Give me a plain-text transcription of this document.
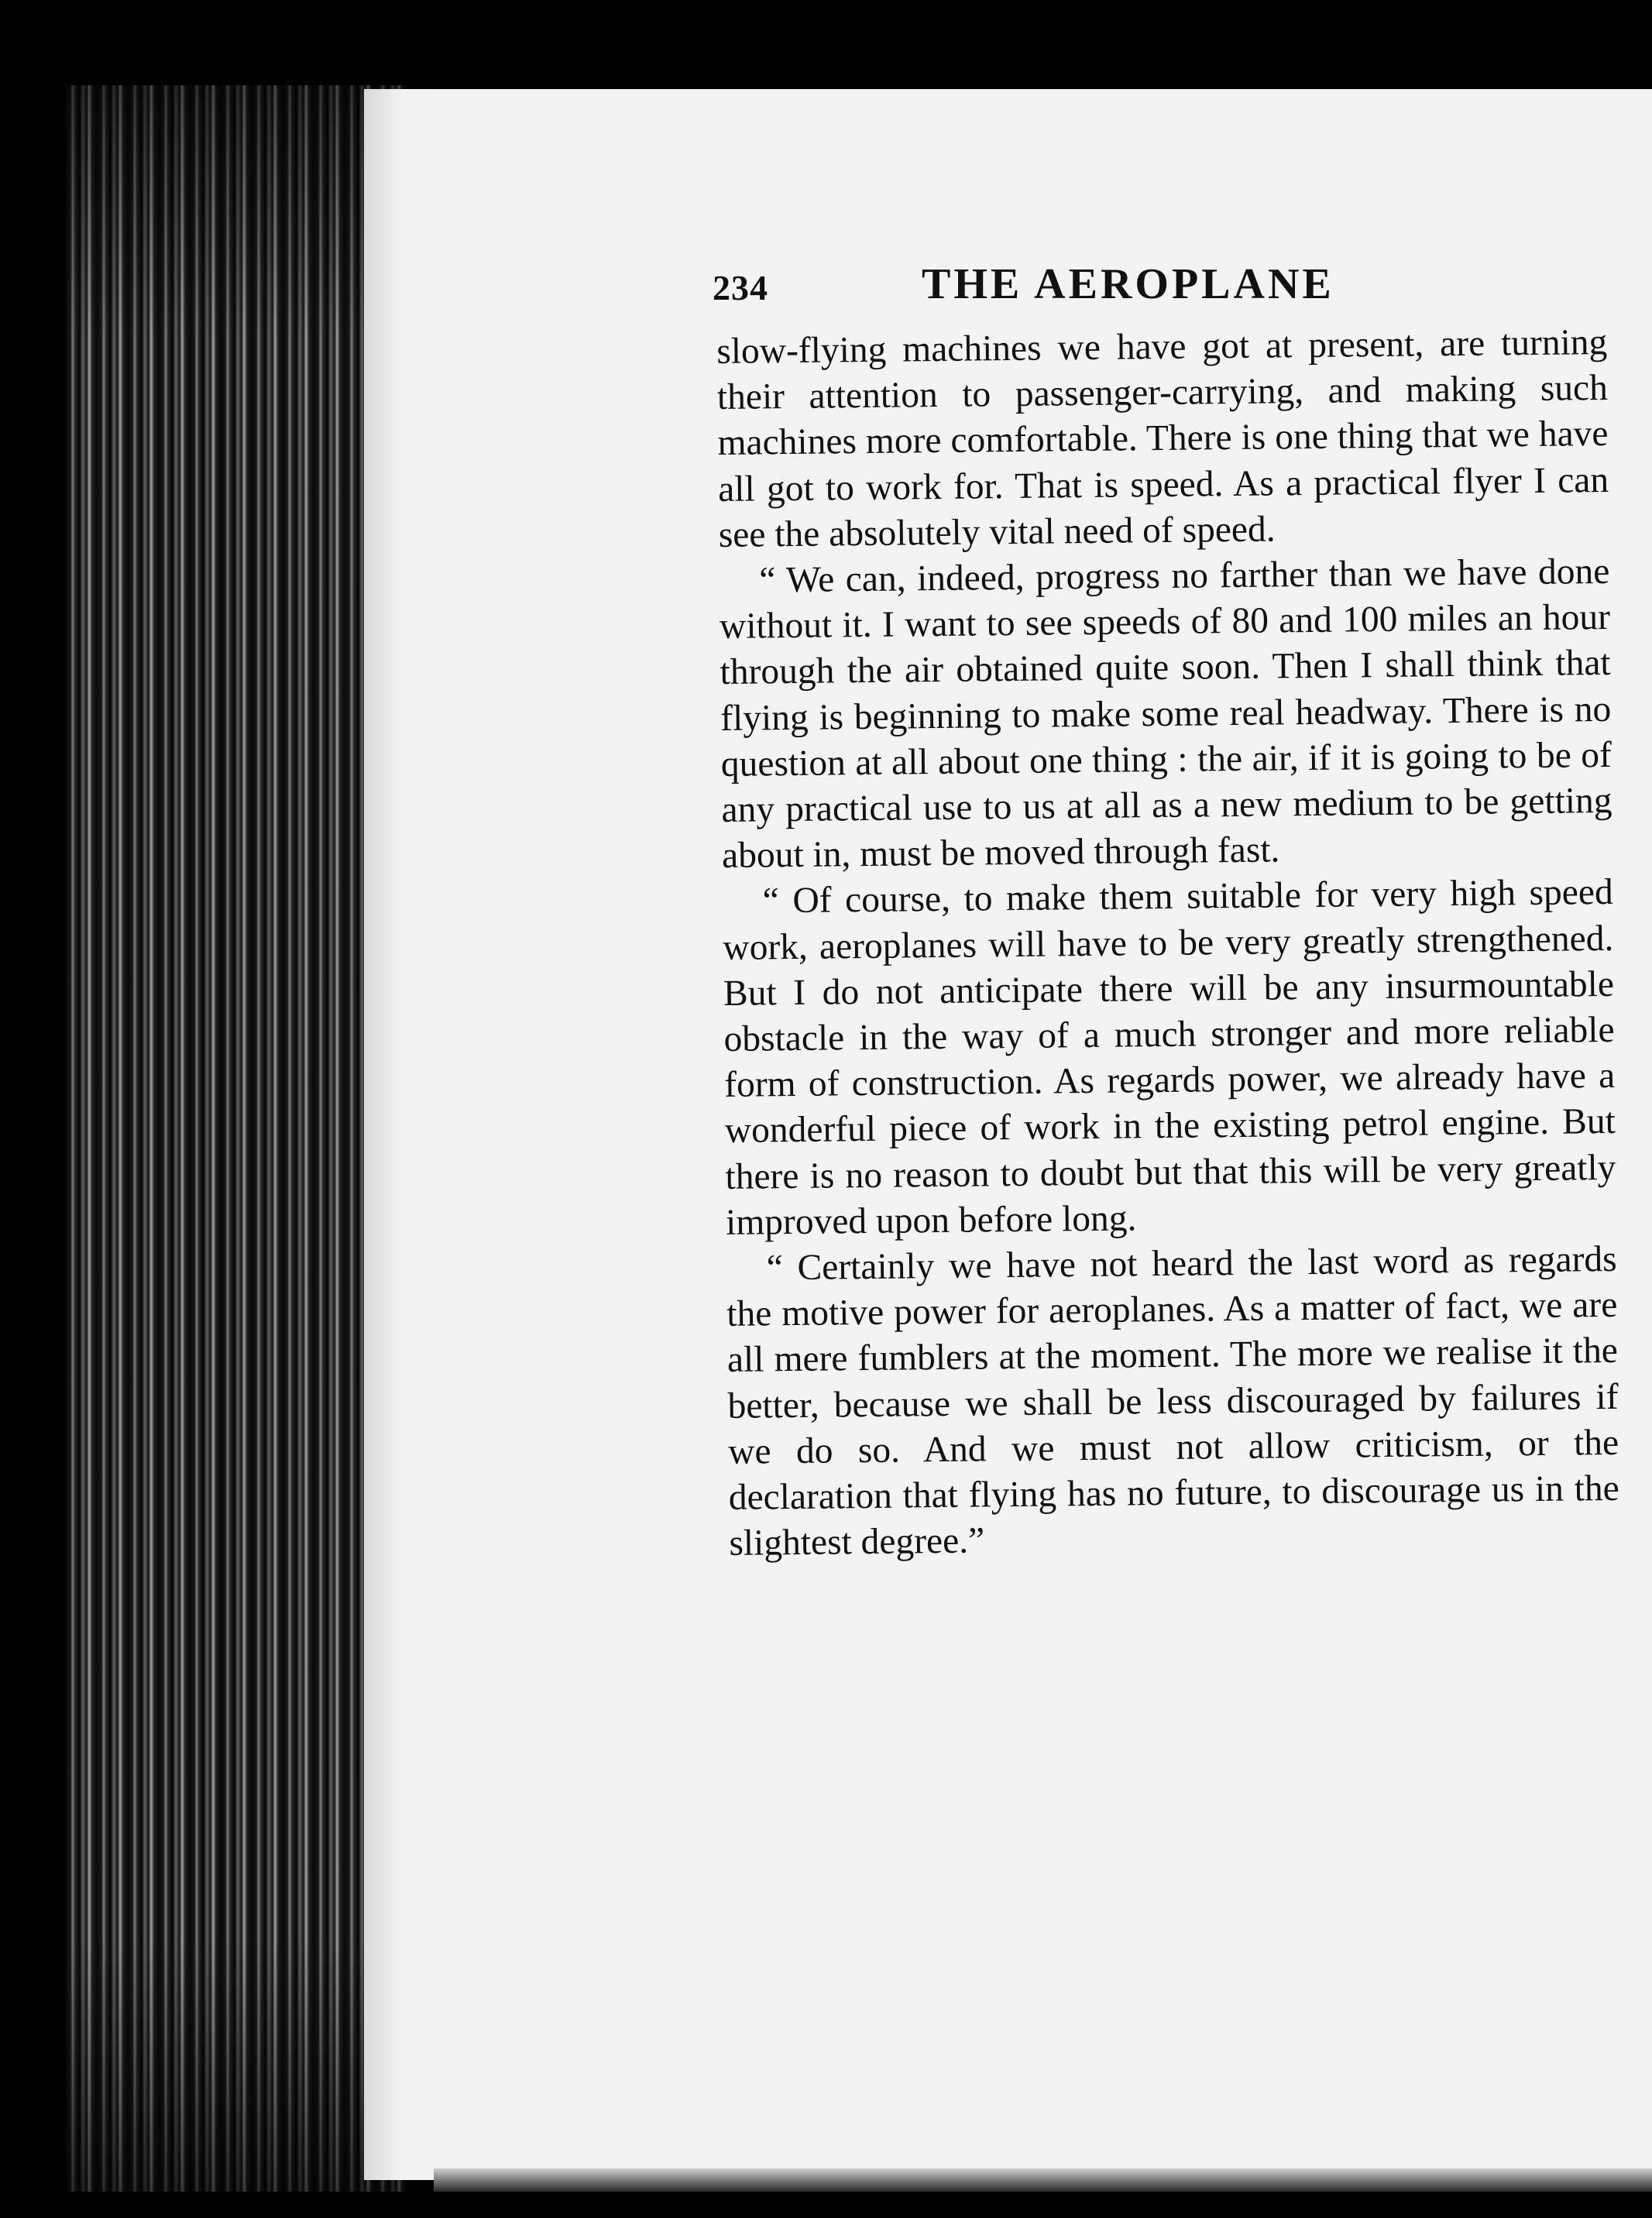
234	THE AEROPLANE

slow-flying machines we have got at present, are turning their attention to passenger-carrying, and making such machines more comfortable. There is one thing that we have all got to work for. That is speed. As a practical flyer I can see the absolutely vital need of speed.

“ We can, indeed, progress no farther than we have done without it. I want to see speeds of 80 and 100 miles an hour through the air obtained quite soon. Then I shall think that flying is beginning to make some real headway. There is no question at all about one thing : the air, if it is going to be of any practical use to us at all as a new medium to be getting about in, must be moved through fast.

“ Of course, to make them suitable for very high speed work, aeroplanes will have to be very greatly strengthened. But I do not anticipate there will be any insurmountable obstacle in the way of a much stronger and more reliable form of construction. As regards power, we already have a wonderful piece of work in the existing petrol engine. But there is no reason to doubt but that this will be very greatly improved upon before long.

“ Certainly we have not heard the last word as regards the motive power for aeroplanes. As a matter of fact, we are all mere fumblers at the moment. The more we realise it the better, because we shall be less discouraged by failures if we do so. And we must not allow criticism, or the declaration that flying has no future, to discourage us in the slightest degree.”
